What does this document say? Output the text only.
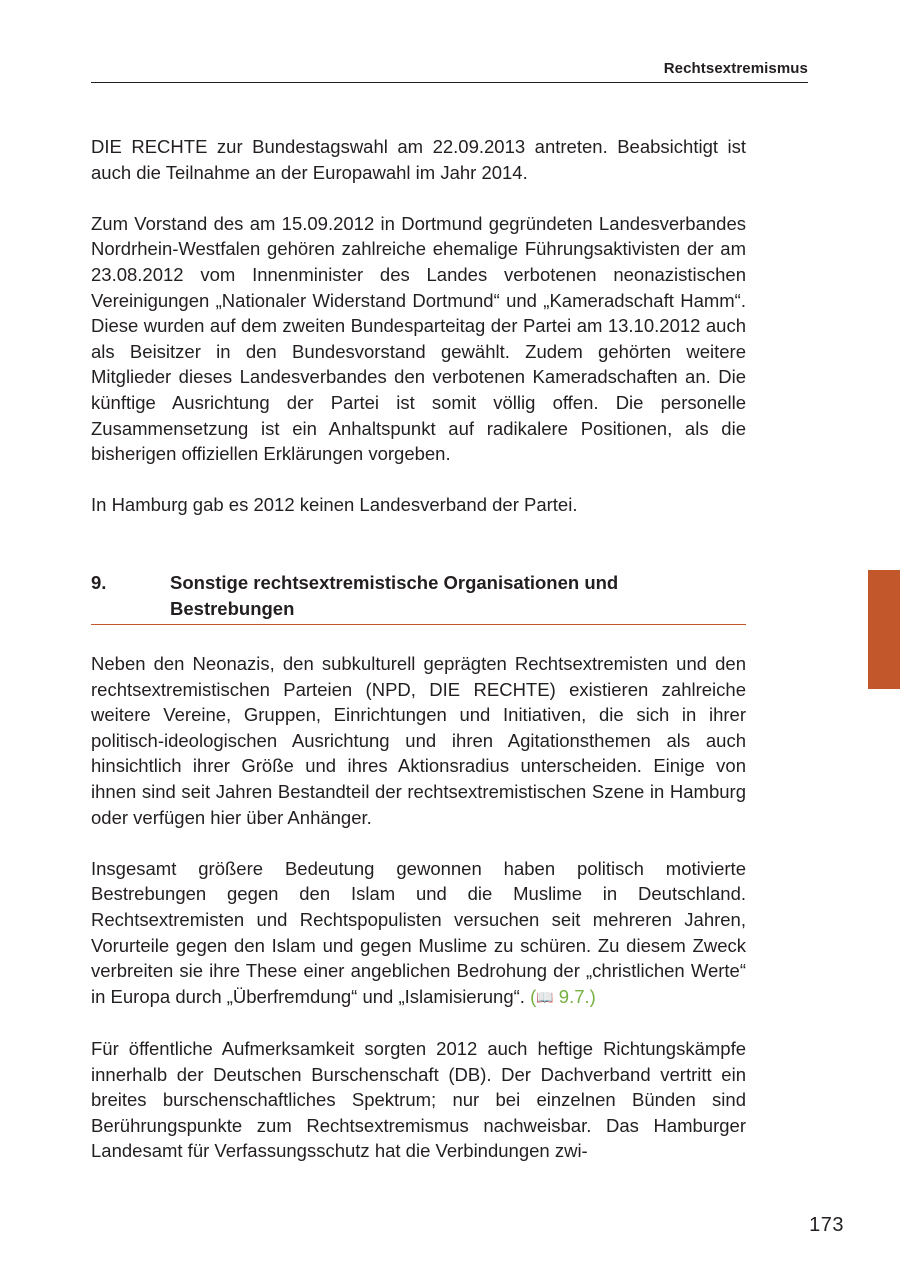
Rechtsextremismus

DIE RECHTE zur Bundestagswahl am 22.09.2013 antreten. Beabsichtigt ist auch die Teilnahme an der Europawahl im Jahr 2014.

Zum Vorstand des am 15.09.2012 in Dortmund gegründeten Landesverbandes Nordrhein-Westfalen gehören zahlreiche ehemalige Führungsaktivisten der am 23.08.2012 vom Innenminister des Landes verbotenen neonazistischen Vereinigungen „Nationaler Widerstand Dortmund“ und „Kameradschaft Hamm“. Diese wurden auf dem zweiten Bundesparteitag der Partei am 13.10.2012 auch als Beisitzer in den Bundesvorstand gewählt. Zudem gehörten weitere Mitglieder dieses Landesverbandes den verbotenen Kameradschaften an. Die künftige Ausrichtung der Partei ist somit völlig offen. Die personelle Zusammensetzung ist ein Anhaltspunkt auf radikalere Positionen, als die bisherigen offiziellen Erklärungen vorgeben.

In Hamburg gab es 2012 keinen Landesverband der Partei.

9.	Sonstige rechtsextremistische Organisationen und Bestrebungen

Neben den Neonazis, den subkulturell geprägten Rechtsextremisten und den rechtsextremistischen Parteien (NPD, DIE RECHTE) existieren zahlreiche weitere Vereine, Gruppen, Einrichtungen und Initiativen, die sich in ihrer politisch-ideologischen Ausrichtung und ihren Agitationsthemen als auch hinsichtlich ihrer Größe und ihres Aktionsradius unterscheiden. Einige von ihnen sind seit Jahren Bestandteil der rechtsextremistischen Szene in Hamburg oder verfügen hier über Anhänger.

Insgesamt größere Bedeutung gewonnen haben politisch motivierte Bestrebungen gegen den Islam und die Muslime in Deutschland. Rechtsextremisten und Rechtspopulisten versuchen seit mehreren Jahren, Vorurteile gegen den Islam und gegen Muslime zu schüren. Zu diesem Zweck verbreiten sie ihre These einer angeblichen Bedrohung der „christlichen Werte“ in Europa durch „Überfremdung“ und „Islamisierung“. (📖 9.7.)

Für öffentliche Aufmerksamkeit sorgten 2012 auch heftige Richtungskämpfe innerhalb der Deutschen Burschenschaft (DB). Der Dachverband vertritt ein breites burschenschaftliches Spektrum; nur bei einzelnen Bünden sind Berührungspunkte zum Rechtsextremismus nachweisbar. Das Hamburger Landesamt für Verfassungsschutz hat die Verbindungen zwi-

173
